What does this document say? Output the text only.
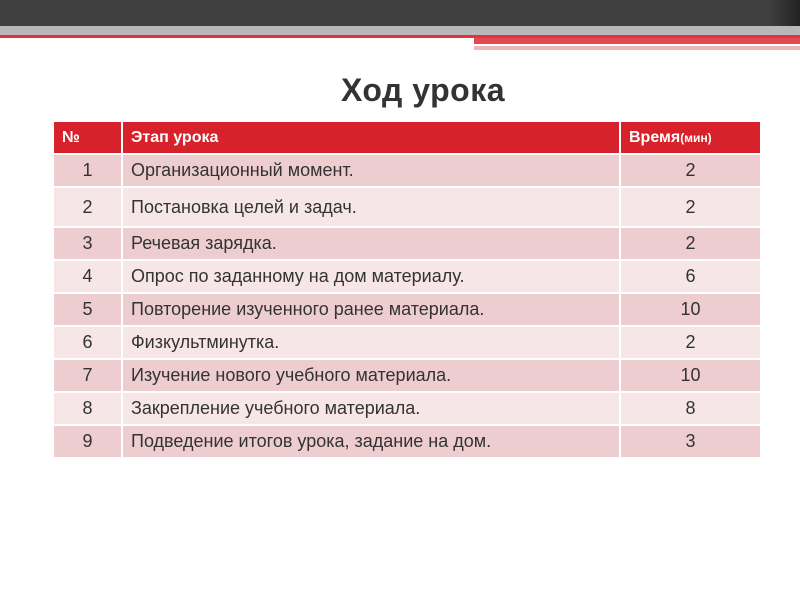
Ход урока
№	Этап урока	Время(мин)
1	Организационный момент.	2
2	Постановка целей и задач.	2
3	Речевая зарядка.	2
4	Опрос по заданному на дом материалу.	6
5	Повторение изученного ранее материала.	10
6	Физкультминутка.	2
7	Изучение нового учебного материала.	10
8	Закрепление учебного материала.	8
9	Подведение итогов урока, задание на дом.	3
